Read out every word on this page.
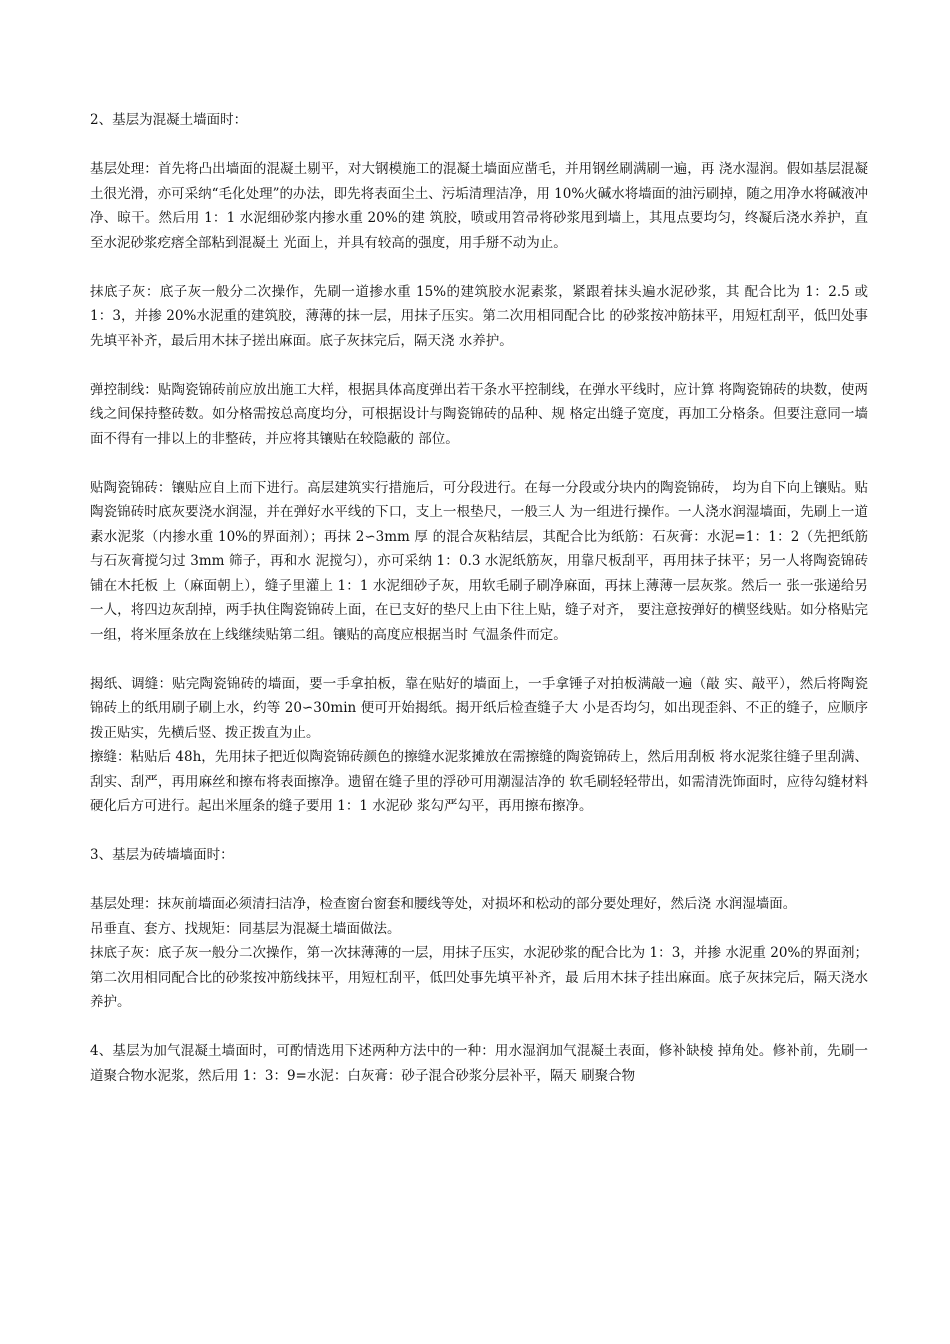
2、基层为混凝土墙面时：

基层处理：首先将凸出墙面的混凝土剔平，对大钢模施工的混凝土墙面应凿毛，并用钢丝刷满刷一遍，再 浇水湿润。假如基层混凝土很光滑，亦可采纳“毛化处理”的办法，即先将表面尘土、污垢清理洁净，用 10%火碱水将墙面的油污刷掉，随之用净水将碱液冲净、晾干。然后用 1：1 水泥细砂浆内掺水重 20%的建 筑胶，喷或用笤帚将砂浆甩到墙上，其甩点要均匀，终凝后浇水养护，直至水泥砂浆疙瘩全部粘到混凝土 光面上，并具有较高的强度，用手掰不动为止。

抹底子灰：底子灰一般分二次操作，先刷一道掺水重 15%的建筑胶水泥素浆，紧跟着抹头遍水泥砂浆，其 配合比为 1：2.5 或 1：3，并掺 20%水泥重的建筑胶，薄薄的抹一层，用抹子压实。第二次用相同配合比 的砂浆按冲筋抹平，用短杠刮平，低凹处事先填平补齐，最后用木抹子搓出麻面。底子灰抹完后，隔天浇 水养护。

弹控制线：贴陶瓷锦砖前应放出施工大样，根据具体高度弹出若干条水平控制线，在弹水平线时，应计算 将陶瓷锦砖的块数，使两线之间保持整砖数。如分格需按总高度均分，可根据设计与陶瓷锦砖的品种、规 格定出缝子宽度，再加工分格条。但要注意同一墙面不得有一排以上的非整砖，并应将其镶贴在较隐蔽的 部位。

贴陶瓷锦砖：镶贴应自上而下进行。高层建筑实行措施后，可分段进行。在每一分段或分块内的陶瓷锦砖， 均为自下向上镶贴。贴陶瓷锦砖时底灰要浇水润湿，并在弹好水平线的下口，支上一根垫尺，一般三人 为一组进行操作。一人浇水润湿墙面，先刷上一道素水泥浆（内掺水重 10%的界面剂）；再抹 2∽3mm 厚 的混合灰粘结层，其配合比为纸筋：石灰膏：水泥=1：1：2（先把纸筋与石灰膏搅匀过 3mm 筛子，再和水 泥搅匀），亦可采纳 1：0.3 水泥纸筋灰，用靠尺板刮平，再用抹子抹平；另一人将陶瓷锦砖铺在木托板 上（麻面朝上），缝子里灌上 1：1 水泥细砂子灰，用软毛刷子刷净麻面，再抹上薄薄一层灰浆。然后一 张一张递给另一人，将四边灰刮掉，两手执住陶瓷锦砖上面，在已支好的垫尺上由下往上贴，缝子对齐， 要注意按弹好的横竖线贴。如分格贴完一组，将米厘条放在上线继续贴第二组。镶贴的高度应根据当时 气温条件而定。

揭纸、调缝：贴完陶瓷锦砖的墙面，要一手拿拍板，靠在贴好的墙面上，一手拿锤子对拍板满敲一遍（敲 实、敲平），然后将陶瓷锦砖上的纸用刷子刷上水，约等 20∽30min 便可开始揭纸。揭开纸后检查缝子大 小是否均匀，如出现歪斜、不正的缝子，应顺序拨正贴实，先横后竖、拨正拨直为止。

擦缝：粘贴后 48h，先用抹子把近似陶瓷锦砖颜色的擦缝水泥浆摊放在需擦缝的陶瓷锦砖上，然后用刮板 将水泥浆往缝子里刮满、刮实、刮严，再用麻丝和擦布将表面擦净。遗留在缝子里的浮砂可用潮湿洁净的 软毛刷轻轻带出，如需清洗饰面时，应待勾缝材料硬化后方可进行。起出米厘条的缝子要用 1：1 水泥砂 浆勾严勾平，再用擦布擦净。

3、基层为砖墙墙面时：

基层处理：抹灰前墙面必须清扫洁净，检查窗台窗套和腰线等处，对损坏和松动的部分要处理好，然后浇 水润湿墙面。

吊垂直、套方、找规矩：同基层为混凝土墙面做法。

抹底子灰：底子灰一般分二次操作，第一次抹薄薄的一层，用抹子压实，水泥砂浆的配合比为 1：3，并掺 水泥重 20%的界面剂；第二次用相同配合比的砂浆按冲筋线抹平，用短杠刮平，低凹处事先填平补齐，最 后用木抹子挂出麻面。底子灰抹完后，隔天浇水养护。

4、基层为加气混凝土墙面时，可酌情选用下述两种方法中的一种：用水湿润加气混凝土表面，修补缺棱 掉角处。修补前，先刷一道聚合物水泥浆，然后用 1：3：9=水泥：白灰膏：砂子混合砂浆分层补平，隔天 刷聚合物
